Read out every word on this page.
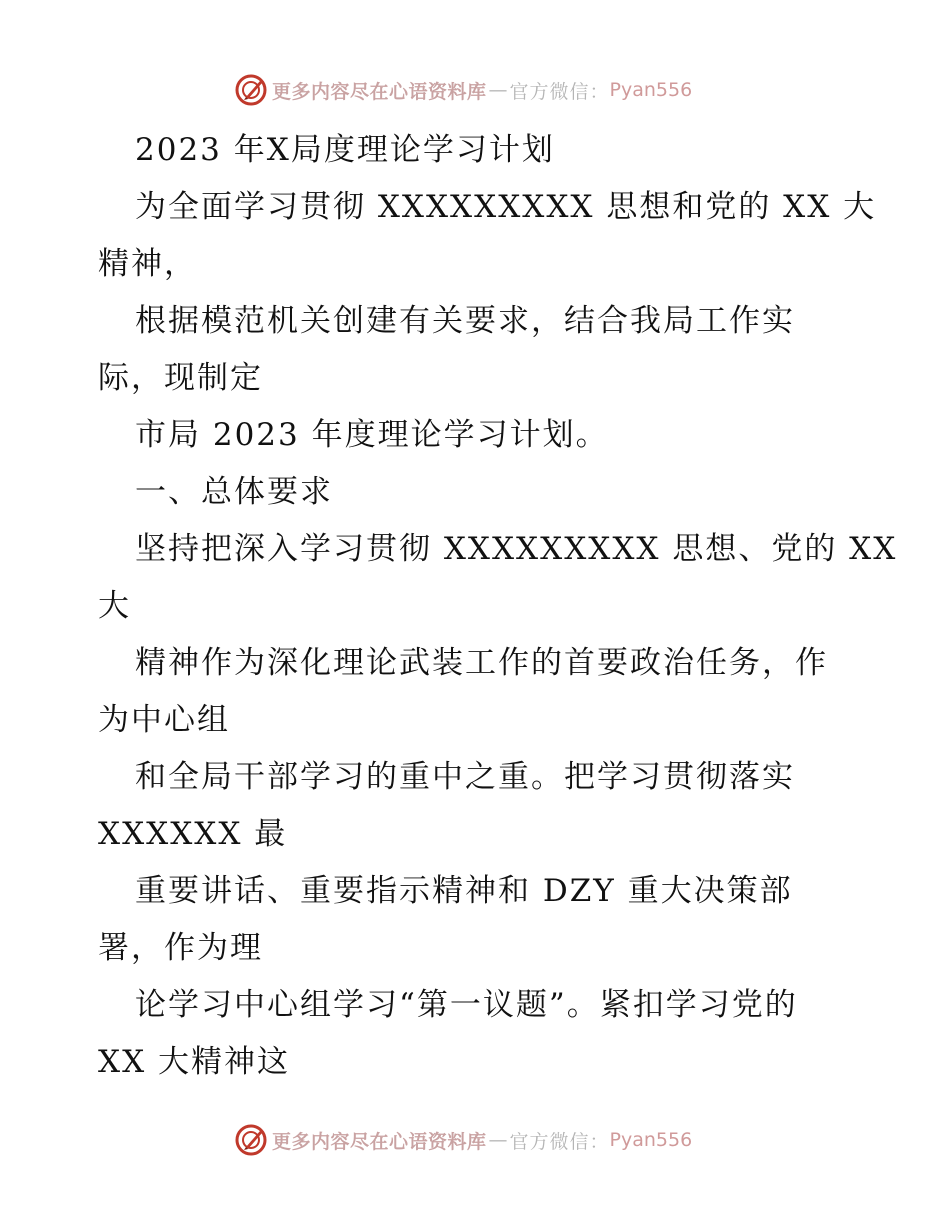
更多内容尽在心语资料库 — 官方微信： Pyan556
2023 年X局度理论学习计划
为全面学习贯彻 XXXXXXXXX 思想和党的 XX 大
精神，
根据模范机关创建有关要求，结合我局工作实
际，现制定
市局 2023 年度理论学习计划。
一、总体要求
坚持把深入学习贯彻 XXXXXXXXX 思想、党的 XX
大
精神作为深化理论武装工作的首要政治任务，作
为中心组
和全局干部学习的重中之重。把学习贯彻落实
XXXXXX 最
重要讲话、重要指示精神和 DZY 重大决策部
署，作为理
论学习中心组学习“第一议题”。紧扣学习党的
XX 大精神这
更多内容尽在心语资料库 — 官方微信： Pyan556
